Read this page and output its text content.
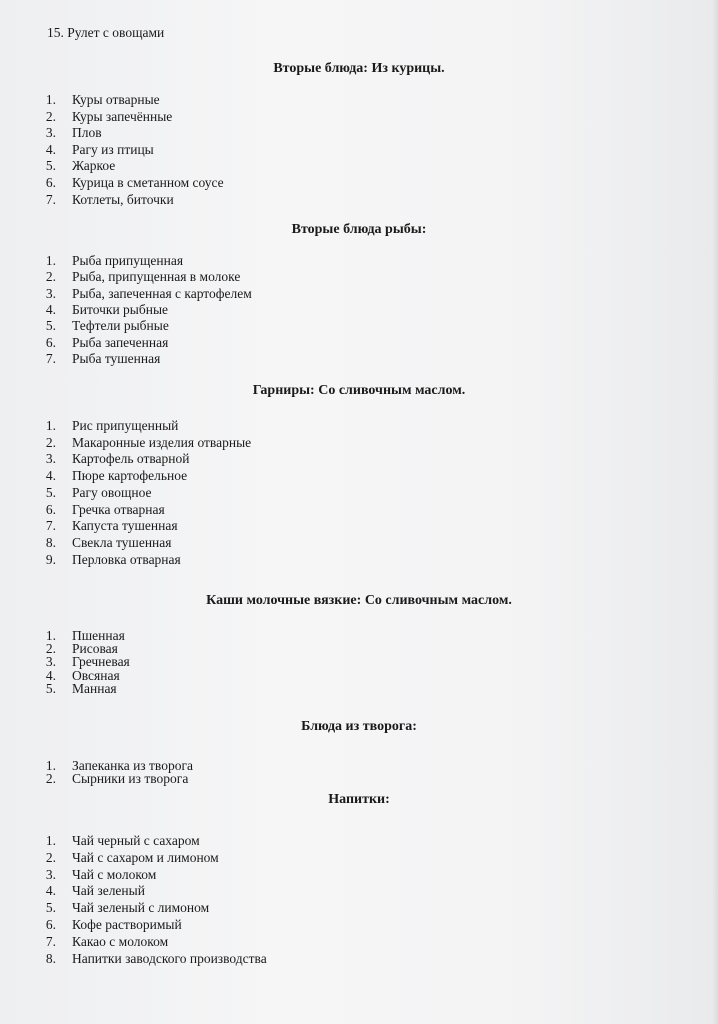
15. Рулет с овощами
Вторые блюда: Из курицы.
1. Куры отварные
2. Куры запечённые
3. Плов
4. Рагу из птицы
5. Жаркое
6. Курица в сметанном соусе
7. Котлеты, биточки
Вторые блюда рыбы:
1. Рыба припущенная
2. Рыба, припущенная в молоке
3. Рыба, запеченная с картофелем
4. Биточки рыбные
5. Тефтели рыбные
6. Рыба запеченная
7. Рыба тушенная
Гарниры: Со сливочным маслом.
1. Рис припущенный
2. Макаронные изделия отварные
3. Картофель отварной
4. Пюре картофельное
5. Рагу овощное
6. Гречка отварная
7. Капуста тушенная
8. Свекла тушенная
9. Перловка отварная
Каши молочные вязкие: Со сливочным маслом.
1. Пшенная
2. Рисовая
3. Гречневая
4. Овсяная
5. Манная
Блюда из творога:
1. Запеканка из творога
2. Сырники из творога
Напитки:
1. Чай черный с сахаром
2. Чай с сахаром и лимоном
3. Чай с молоком
4. Чай зеленый
5. Чай зеленый с лимоном
6. Кофе растворимый
7. Какао с молоком
8. Напитки заводского производства
